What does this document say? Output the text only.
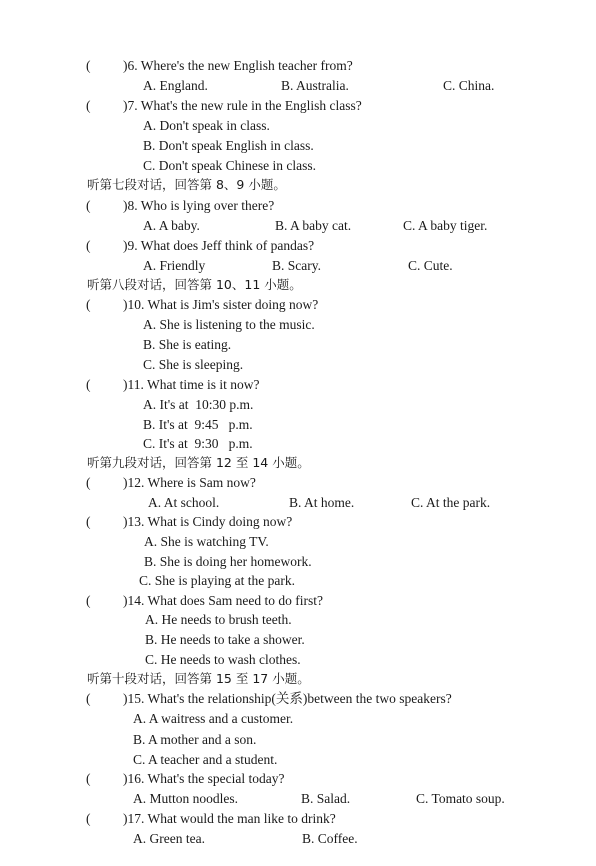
( )6. Where's the new English teacher from?
A. England.	B. Australia.	C. China.
( )7. What's the new rule in the English class?
A. Don't speak in class.
B. Don't speak English in class.
C. Don't speak Chinese in class.
听第七段对话，回答第 8、9 小题。
( )8. Who is lying over there?
A. A baby.	B. A baby cat.	C. A baby tiger.
( )9. What does Jeff think of pandas?
A. Friendly	B. Scary.	C. Cute.
听第八段对话，回答第 10、11 小题。
( )10. What is Jim's sister doing now?
A. She is listening to the music.
B. She is eating.
C. She is sleeping.
( )11. What time is it now?
A. It's at  10:30 p.m.
B. It's at  9:45   p.m.
C. It's at  9:30   p.m.
听第九段对话，回答第 12 至 14 小题。
( )12. Where is Sam now?
A. At school.	B. At home.	C. At the park.
( )13. What is Cindy doing now?
A. She is watching TV.
B. She is doing her homework.
C. She is playing at the park.
( )14. What does Sam need to do first?
A. He needs to brush teeth.
B. He needs to take a shower.
C. He needs to wash clothes.
听第十段对话，回答第 15 至 17 小题。
( )15. What's the relationship(关系)between the two speakers?
A. A waitress and a customer.
B. A mother and a son.
C. A teacher and a student.
( )16. What's the special today?
A. Mutton noodles.	B. Salad.	C. Tomato soup.
( )17. What would the man like to drink?
A. Green tea.	B. Coffee.
